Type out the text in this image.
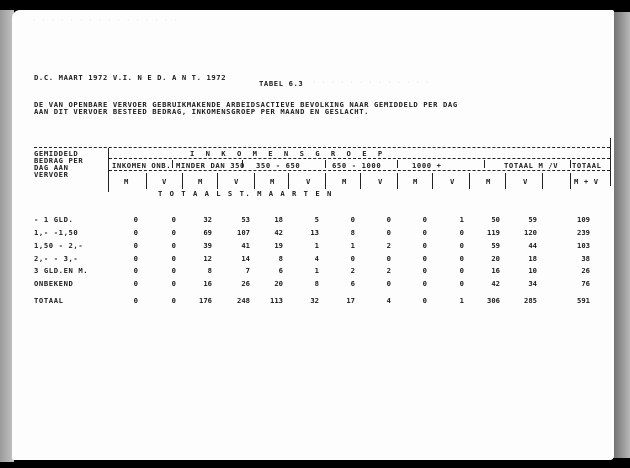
· · · · · · · · · · · · · · · ·
· · · · · · · · · · · · ·
D.C. MAART 1972 V.I. N E D. A N T. 1972
TABEL 6.3
DE VAN OPENBARE VERVOER GEBRUIKMAKENDE ARBEIDSACTIEVE BEVOLKING NAAR GEMIDDELD PER DAG
AAN DIT VERVOER BESTEED BEDRAG, INKOMENSGROEP PER MAAND EN GESLACHT.
GEMIDDELD
BEDRAG PER
DAG AAN
VERVOER
I N K O M E N S G R O E P
INKOMEN ONB. MINDER DAN 350 350 - 650	650 - 1000	1000 +	TOTAAL M /V TOTAAL
M	V	M	V	M	V	M	V	M	V	M	V	M + V
T O T A A L S T. M A A R T E N
- 1 GLD.	0	0	32	53	18	5	0	0	0	1	50	59	109
1,- -1,50	0	0	69	107	42	13	8	0	0	0	119	120	239
1,50 - 2,-	0	0	39	41	19	1	1	2	0	0	59	44	103
2,- - 3,-	0	0	12	14	8	4	0	0	0	0	20	18	38
3 GLD.EN M.	0	0	8	7	6	1	2	2	0	0	16	10	26
ONBEKEND	0	0	16	26	20	8	6	0	0	0	42	34	76
TOTAAL	0	0	176	248	113	32	17	4	0	1	306	285	591
